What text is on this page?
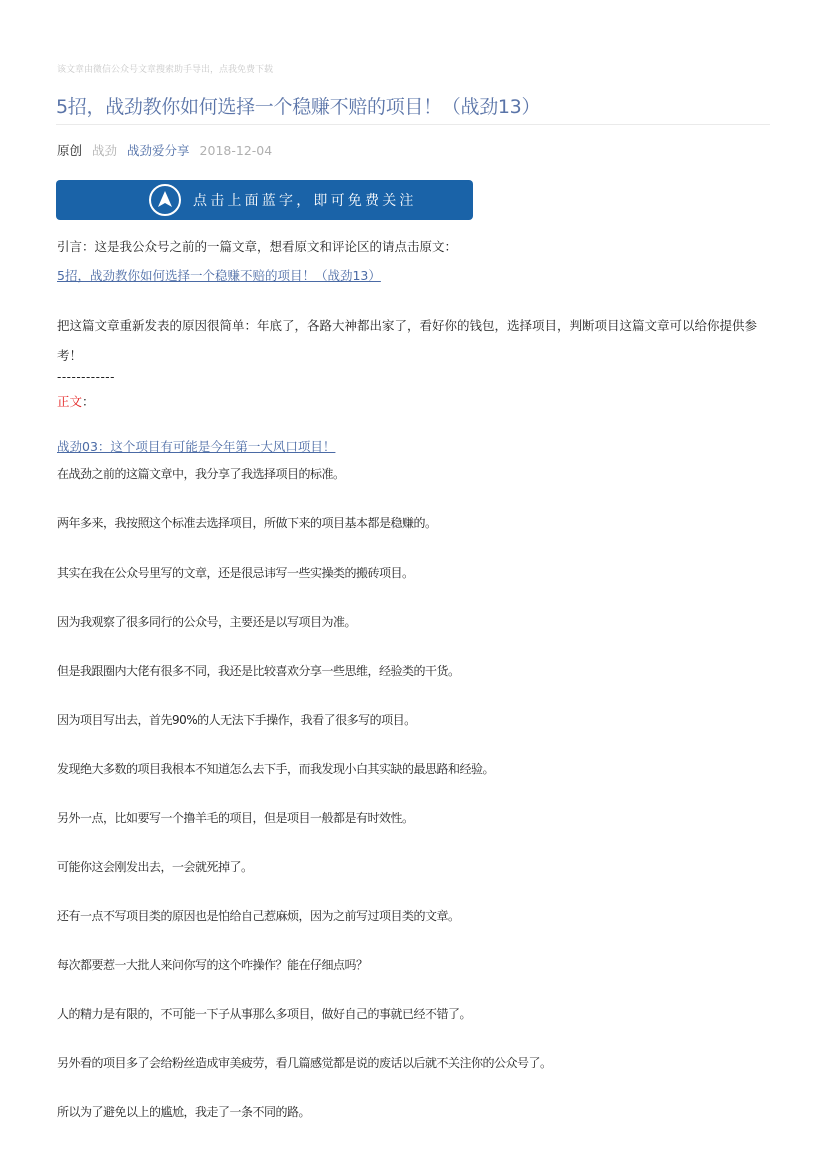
该文章由微信公众号文章搜索助手导出，点我免费下载
5招，战劲教你如何选择一个稳赚不赔的项目！（战劲13）
原创 战劲 战劲爱分享 2018-12-04
点击上面蓝字，即可免费关注
引言：这是我公众号之前的一篇文章，想看原文和评论区的请点击原文：
5招，战劲教你如何选择一个稳赚不赔的项目！（战劲13）
把这篇文章重新发表的原因很简单：年底了，各路大神都出家了，看好你的钱包，选择项目，判断项目这篇文章可以给你提供参
考！
------------
正文：
战劲03：这个项目有可能是今年第一大风口项目！
在战劲之前的这篇文章中，我分享了我选择项目的标准。
两年多来，我按照这个标准去选择项目，所做下来的项目基本都是稳赚的。
其实在我在公众号里写的文章，还是很忌讳写一些实操类的搬砖项目。
因为我观察了很多同行的公众号，主要还是以写项目为准。
但是我跟圈内大佬有很多不同，我还是比较喜欢分享一些思维，经验类的干货。
因为项目写出去，首先90%的人无法下手操作，我看了很多写的项目。
发现绝大多数的项目我根本不知道怎么去下手，而我发现小白其实缺的最思路和经验。
另外一点，比如要写一个撸羊毛的项目，但是项目一般都是有时效性。
可能你这会刚发出去，一会就死掉了。
还有一点不写项目类的原因也是怕给自己惹麻烦，因为之前写过项目类的文章。
每次都要惹一大批人来问你写的这个咋操作？能在仔细点吗？
人的精力是有限的，不可能一下子从事那么多项目，做好自己的事就已经不错了。
另外看的项目多了会给粉丝造成审美疲劳，看几篇感觉都是说的废话以后就不关注你的公众号了。
所以为了避免以上的尴尬，我走了一条不同的路。
